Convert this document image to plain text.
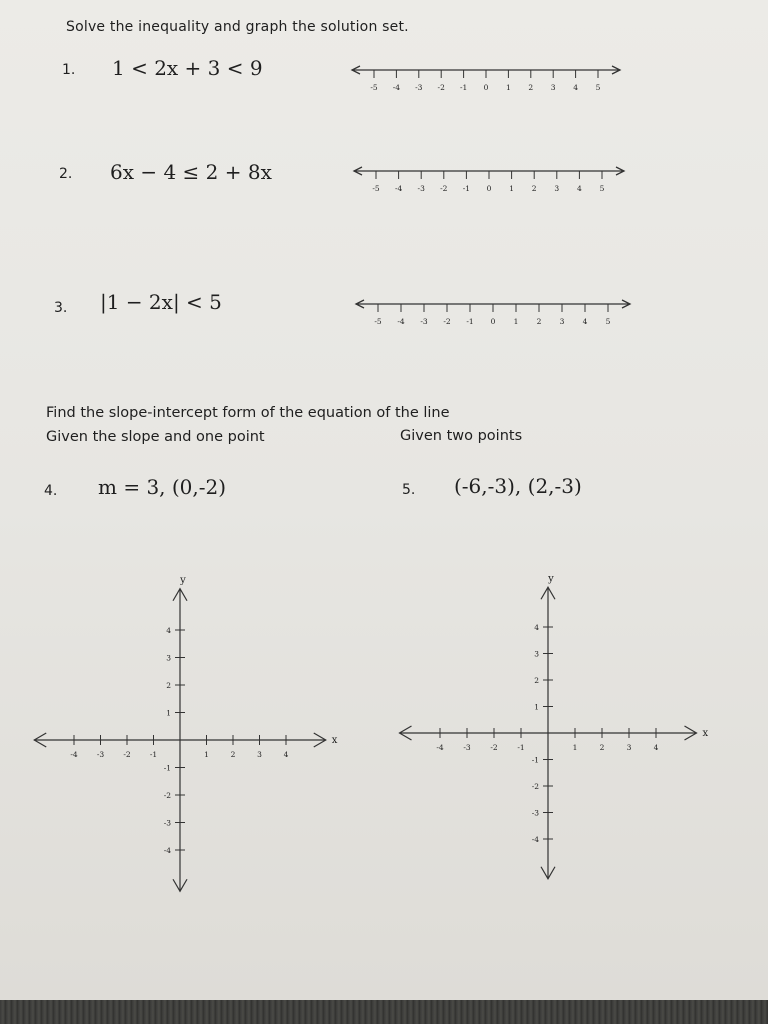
Solve the inequality and graph the solution set.
1. 1 < 2x + 3 < 9
-5 -4 -3 -2 -1 0 1 2 3 4 5
2. 6x − 4 ≤ 2 + 8x
-5 -4 -3 -2 -1 0 1 2 3 4 5
3. |1 − 2x| < 5
-5 -4 -3 -2 -1 0 1 2 3 4 5
Find the slope-intercept form of the equation of the line
Given the slope and one point	Given two points
4. m = 3, (0,-2)	5. (-6,-3), (2,-3)
x
y
-4	-3	-2	-1	1	2	3	4
4
3
2
1
-1
-2
-3
-4
x
y
-4	-3	-2	-1	1	2	3	4
4
3
2
1
-1
-2
-3
-4
